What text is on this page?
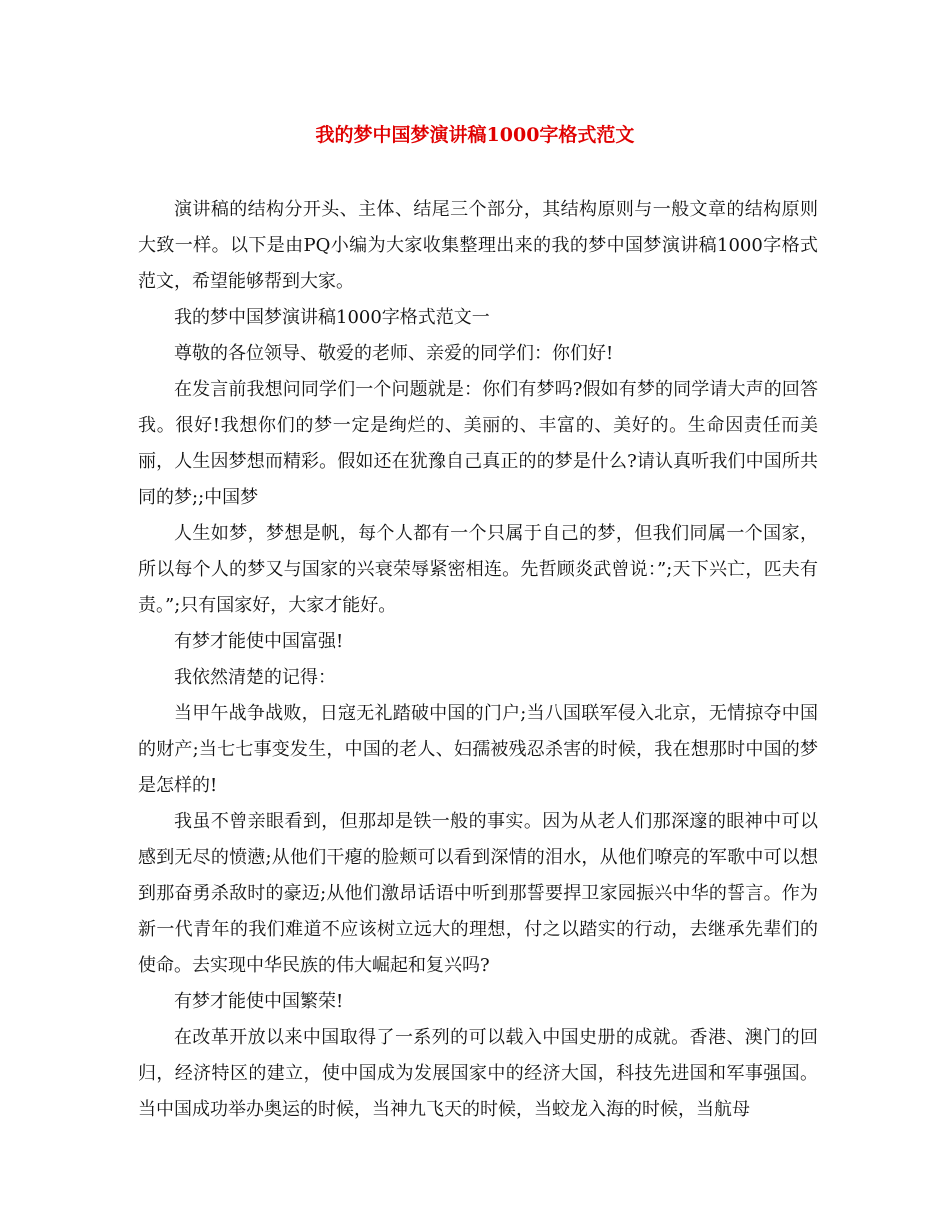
我的梦中国梦演讲稿1000字格式范文

演讲稿的结构分开头、主体、结尾三个部分，其结构原则与一般文章的结构原则大致一样。以下是由PQ小编为大家收集整理出来的我的梦中国梦演讲稿1000字格式范文，希望能够帮到大家。

我的梦中国梦演讲稿1000字格式范文一

尊敬的各位领导、敬爱的老师、亲爱的同学们：你们好!

在发言前我想问同学们一个问题就是：你们有梦吗?假如有梦的同学请大声的回答我。很好!我想你们的梦一定是绚烂的、美丽的、丰富的、美好的。生命因责任而美丽，人生因梦想而精彩。假如还在犹豫自己真正的的梦是什么?请认真听我们中国所共同的梦;;中国梦

人生如梦，梦想是帆，每个人都有一个只属于自己的梦，但我们同属一个国家，所以每个人的梦又与国家的兴衰荣辱紧密相连。先哲顾炎武曾说：”;天下兴亡，匹夫有责。”;只有国家好，大家才能好。

有梦才能使中国富强!

我依然清楚的记得：

当甲午战争战败，日寇无礼踏破中国的门户;当八国联军侵入北京，无情掠夺中国的财产;当七七事变发生，中国的老人、妇孺被残忍杀害的时候，我在想那时中国的梦是怎样的!

我虽不曾亲眼看到，但那却是铁一般的事实。因为从老人们那深邃的眼神中可以感到无尽的愤懑;从他们干瘪的脸颊可以看到深情的泪水，从他们嘹亮的军歌中可以想到那奋勇杀敌时的豪迈;从他们激昂话语中听到那誓要捍卫家园振兴中华的誓言。作为新一代青年的我们难道不应该树立远大的理想，付之以踏实的行动，去继承先辈们的使命。去实现中华民族的伟大崛起和复兴吗?

有梦才能使中国繁荣!

在改革开放以来中国取得了一系列的可以载入中国史册的成就。香港、澳门的回归，经济特区的建立，使中国成为发展国家中的经济大国，科技先进国和军事强国。当中国成功举办奥运的时候，当神九飞天的时候，当蛟龙入海的时候，当航母
